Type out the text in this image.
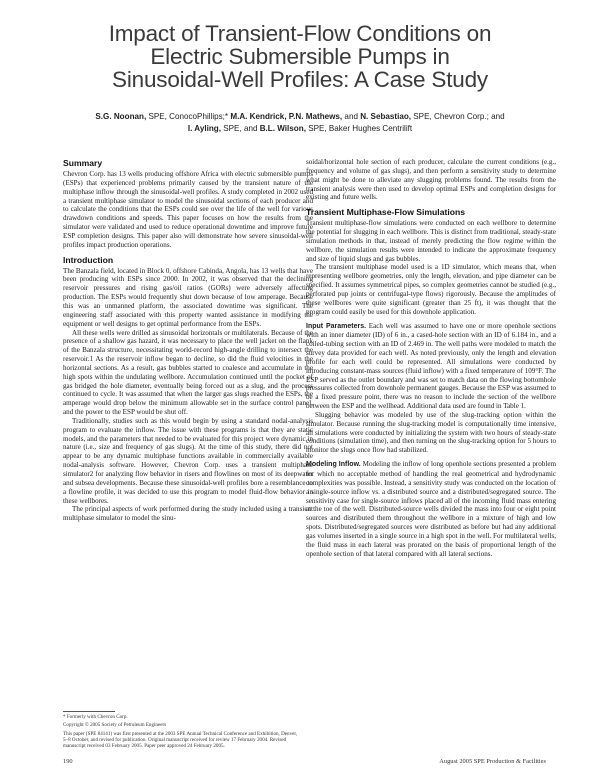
Impact of Transient-Flow Conditions on
Electric Submersible Pumps in
Sinusoidal-Well Profiles: A Case Study
S.G. Noonan, SPE, ConocoPhillips;* M.A. Kendrick, P.N. Mathews, and N. Sebastiao, SPE, Chevron Corp.; and
I. Ayling, SPE, and B.L. Wilson, SPE, Baker Hughes Centrilift
Summary

Chevron Corp. has 13 wells producing offshore Africa with electric submersible pumps (ESPs) that experienced problems primarily caused by the transient nature of the multiphase inflow through the sinusoidal-well profiles. A study completed in 2002 used a transient multiphase simulator to model the sinusoidal sections of each producer and to calculate the conditions that the ESPs could see over the life of the well for various drawdown conditions and speeds. This paper focuses on how the results from the simulator were validated and used to reduce operational downtime and improve future ESP completion designs. This paper also will demonstrate how severe sinusoidal-well profiles impact production operations.

Introduction

The Banzala field, located in Block 0, offshore Cabinda, Angola, has 13 wells that have been producing with ESPs since 2000. In 2002, it was observed that the declining reservoir pressures and rising gas/oil ratios (GORs) were adversely affecting production. The ESPs would frequently shut down because of low amperage. Because this was an unmanned platform, the associated downtime was significant. The engineering staff associated with this property wanted assistance in modifying the equipment or well designs to get optimal performance from the ESPs.

All these wells were drilled as sinusoidal horizontals or multilaterals. Because of the presence of a shallow gas hazard, it was necessary to place the well jacket on the flank of the Banzala structure, necessitating world-record high-angle drilling to intersect the reservoir.1 As the reservoir inflow began to decline, so did the fluid velocities in the horizontal sections. As a result, gas bubbles started to coalesce and accumulate in the high spots within the undulating wellbore. Accumulation continued until the pocket of gas bridged the hole diameter, eventually being forced out as a slug, and the process continued to cycle. It was assumed that when the larger gas slugs reached the ESPs, the amperage would drop below the minimum allowable set in the surface control panel, and the power to the ESP would be shut off.

Traditionally, studies such as this would begin by using a standard nodal-analysis program to evaluate the inflow. The issue with these programs is that they are static models, and the parameters that needed to be evaluated for this project were dynamic in nature (i.e., size and frequency of gas slugs). At the time of this study, there did not appear to be any dynamic multiphase functions available in commercially available nodal-analysis software. However, Chevron Corp. uses a transient multiphase simulator2 for analyzing flow behavior in risers and flowlines on most of its deepwater and subsea developments. Because these sinusoidal-well profiles bore a resemblance to a flowline profile, it was decided to use this program to model fluid-flow behavior in these wellbores.

The principal aspects of work performed during the study included using a transient multiphase simulator to model the sinu-

soidal/horizontal hole section of each producer, calculate the current conditions (e.g., frequency and volume of gas slugs), and then perform a sensitivity study to determine what might be done to alleviate any slugging problems found. The results from the transient analysis were then used to develop optimal ESPs and completion designs for existing and future wells.

Transient Multiphase-Flow Simulations

Transient multiphase-flow simulations were conducted on each wellbore to determine the potential for slugging in each wellbore. This is distinct from traditional, steady-state simulation methods in that, instead of merely predicting the flow regime within the wellbore, the simulation results were intended to indicate the approximate frequency and size of liquid slugs and gas bubbles.

The transient multiphase model used is a 1D simulator, which means that, when representing wellbore geometries, only the length, elevation, and pipe diameter can be specified. It assumes symmetrical pipes, so complex geometries cannot be studied (e.g., perforated pup joints or centrifugal-type flows) rigorously. Because the amplitudes of these wellbores were quite significant (greater than 25 ft), it was thought that the program could easily be used for this downhole application.

Input Parameters. Each well was assumed to have one or more openhole sections with an inner diameter (ID) of 6 in., a cased-hole section with an ID of 6.184 in., and a coiled-tubing section with an ID of 2.469 in. The well paths were modeled to match the survey data provided for each well. As noted previously, only the length and elevation profile for each well could be represented. All simulations were conducted by introducing constant-mass sources (fluid inflow) with a fixed temperature of 109°F. The ESP served as the outlet boundary and was set to match data on the flowing bottomhole pressures collected from downhole permanent gauges. Because the ESP was assumed to be a fixed pressure point, there was no reason to include the section of the wellbore between the ESP and the wellhead. Additional data used are found in Table 1.

Slugging behavior was modeled by use of the slug-tracking option within the simulator. Because running the slug-tracking model is computationally time intensive, all simulations were conducted by initializing the system with two hours of steady-state conditions (simulation time), and then turning on the slug-tracking option for 5 hours to monitor the slugs once flow had stabilized.

Modeling Inflow. Modeling the inflow of long openhole sections presented a problem for which no acceptable method of handling the real geometrical and hydrodynamic complexities was possible. Instead, a sensitivity study was conducted on the location of a single-source inflow vs. a distributed source and a distributed/segregated source. The sensitivity case for single-source inflows placed all of the incoming fluid mass entering at the toe of the well. Distributed-source wells divided the mass into four or eight point sources and distributed them throughout the wellbore in a mixture of high and low spots. Distributed/segregated sources were distributed as before but had any additional gas volumes inserted in a single source in a high spot in the well. For multilateral wells, the fluid mass in each lateral was prorated on the basis of proportional length of the openhole section of that lateral compared with all lateral sections.

* Formerly with Chevron Corp.
Copyright © 2005 Society of Petroleum Engineers
This paper (SPE 84141) was first presented at the 2003 SPE Annual Technical Conference and Exhibition, Denver, 5–8 October, and revised for publication. Original manuscript received for review 17 February 2004. Revised manuscript received 03 February 2005. Paper peer approved 24 February 2005.
190	August 2005 SPE Production & Facilities
